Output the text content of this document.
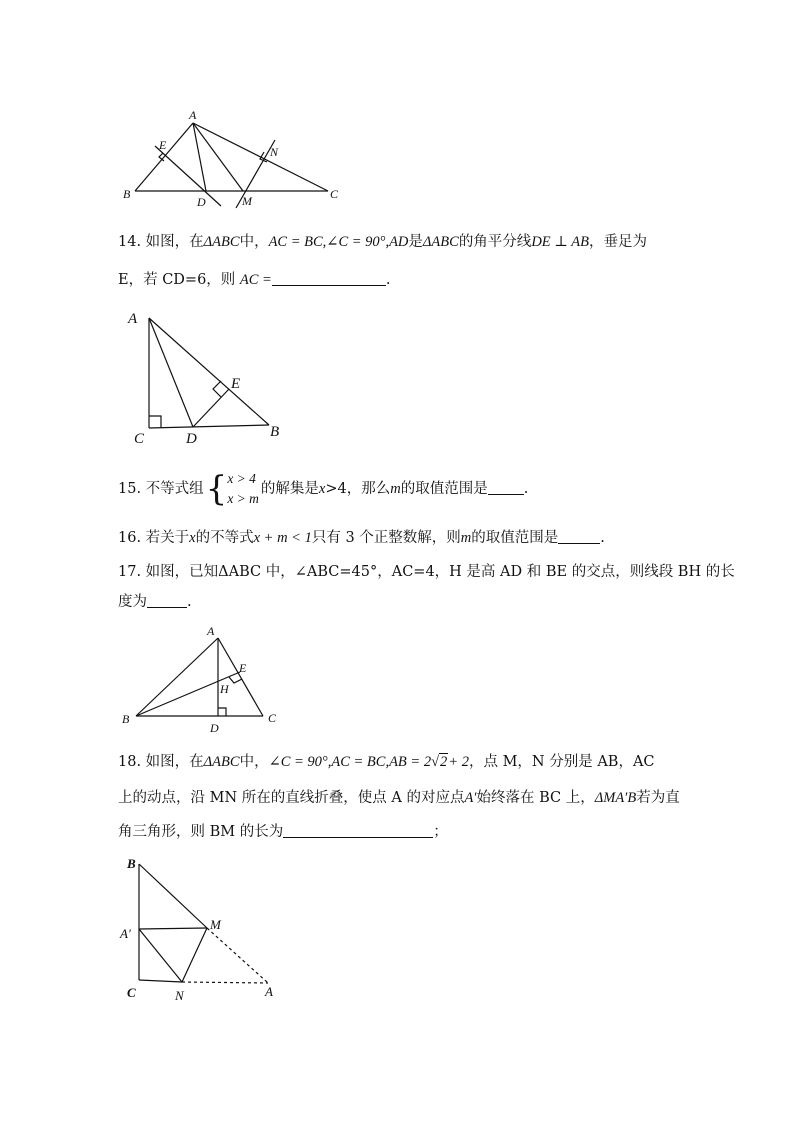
A
E	N
B
D	M	C
14. 如图，在ΔABC中，AC = BC,∠C = 90°,AD是ΔABC的角平分线DE ⊥ AB，垂足为
E，若 CD=6，则 AC =	.
A
E
C	D	B
15. 不等式组 { x > 4
x > m
的解集是x>4，那么m的取值范围是 .
16. 若关于x的不等式x + m < 1只有 3 个正整数解，则m的取值范围是	.
17. 如图，已知ΔABC 中，∠ABC=45°，AC=4，H 是高 AD 和 BE 的交点，则线段 BH 的长
度为	.
A
E
H
B
D
C
18. 如图，在ΔABC中，∠C = 90°,AC = BC,AB = 2√2+ 2，点 M，N 分别是 AB，AC
上的动点，沿 MN 所在的直线折叠，使点 A 的对应点A′始终落在 BC 上，ΔMA′B若为直
角三角形，则 BM 的长为	；
B
A′
M
C	N	A
